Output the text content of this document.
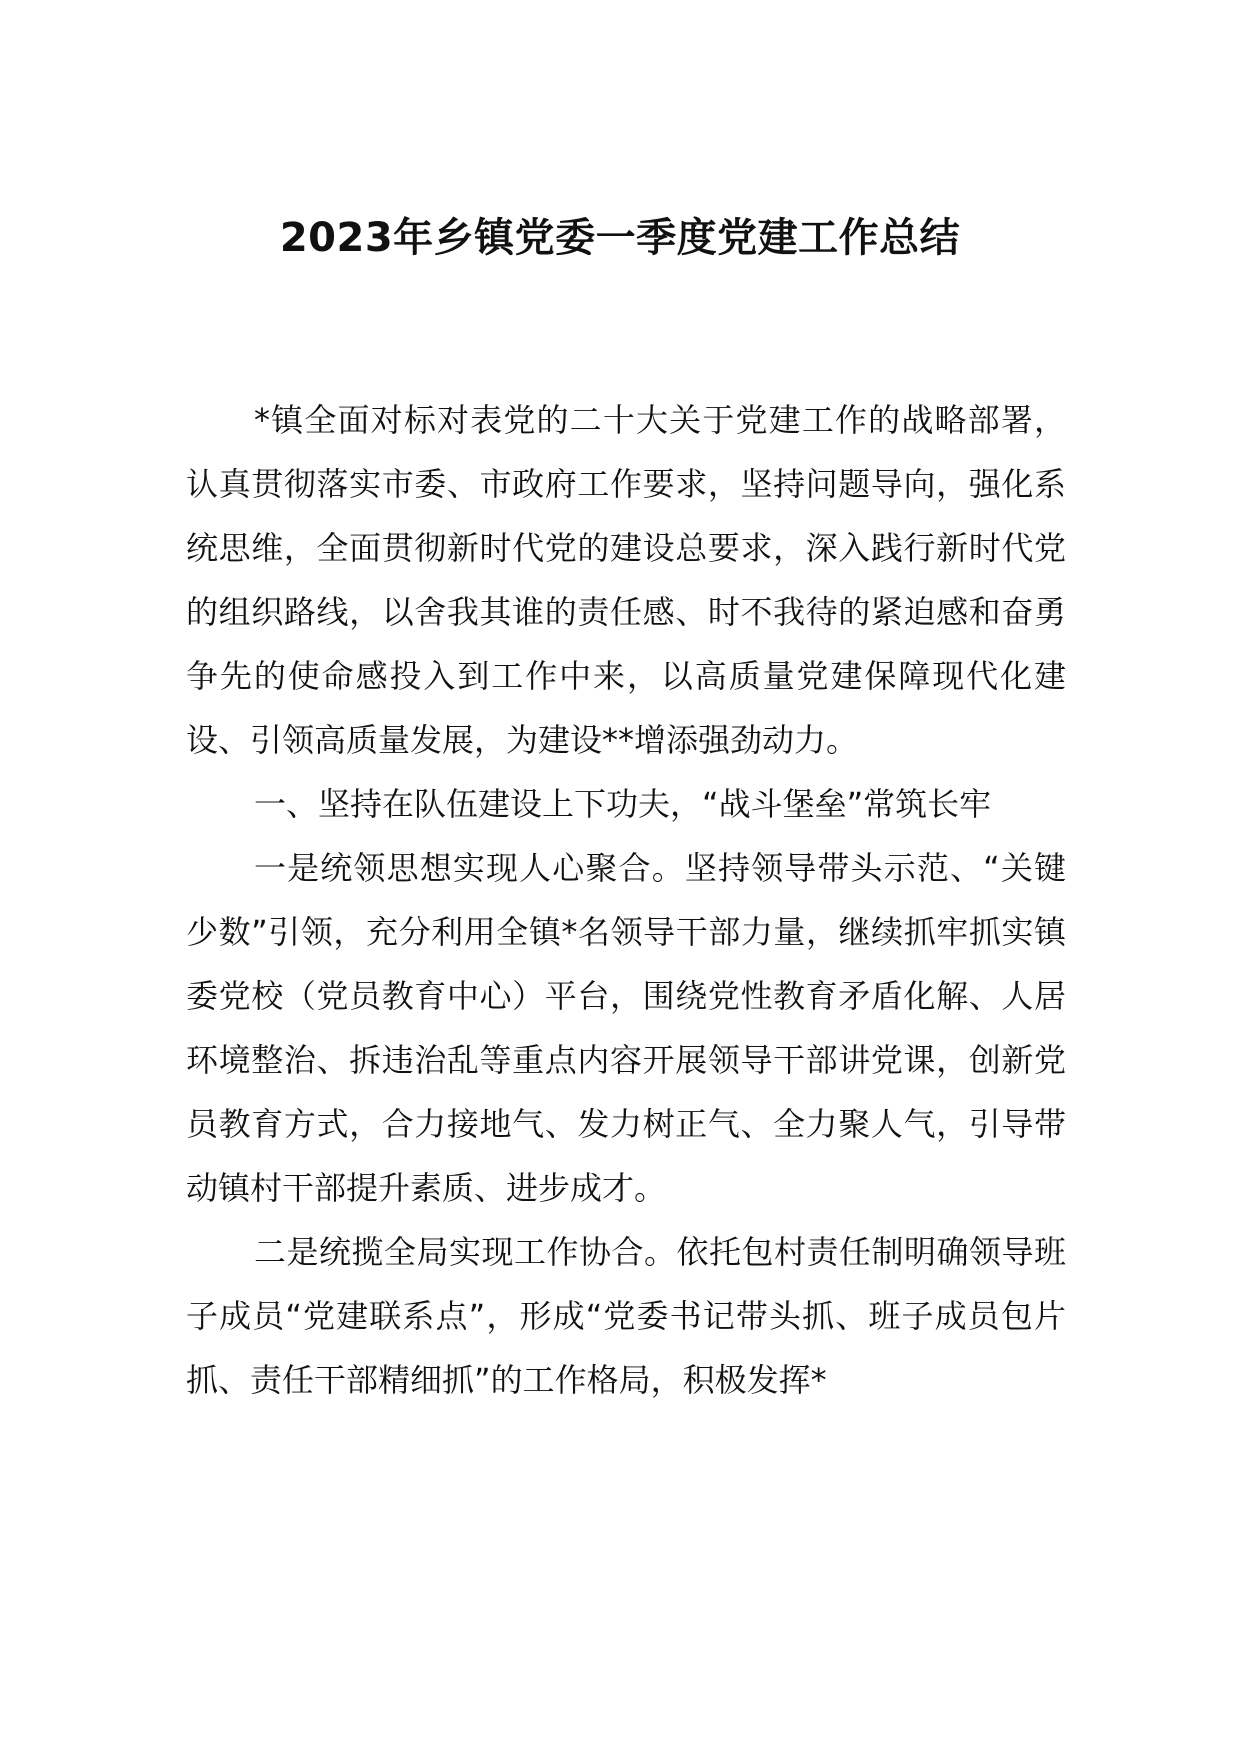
2023年乡镇党委一季度党建工作总结

*镇全面对标对表党的二十大关于党建工作的战略部署，认真贯彻落实市委、市政府工作要求，坚持问题导向，强化系统思维，全面贯彻新时代党的建设总要求，深入践行新时代党的组织路线，以舍我其谁的责任感、时不我待的紧迫感和奋勇争先的使命感投入到工作中来，以高质量党建保障现代化建设、引领高质量发展，为建设**增添强劲动力。

一、坚持在队伍建设上下功夫，“战斗堡垒”常筑长牢

一是统领思想实现人心聚合。坚持领导带头示范、“关键少数”引领，充分利用全镇*名领导干部力量，继续抓牢抓实镇委党校（党员教育中心）平台，围绕党性教育矛盾化解、人居环境整治、拆违治乱等重点内容开展领导干部讲党课，创新党员教育方式，合力接地气、发力树正气、全力聚人气，引导带动镇村干部提升素质、进步成才。

二是统揽全局实现工作协合。依托包村责任制明确领导班子成员“党建联系点”，形成“党委书记带头抓、班子成员包片抓、责任干部精细抓”的工作格局，积极发挥*
